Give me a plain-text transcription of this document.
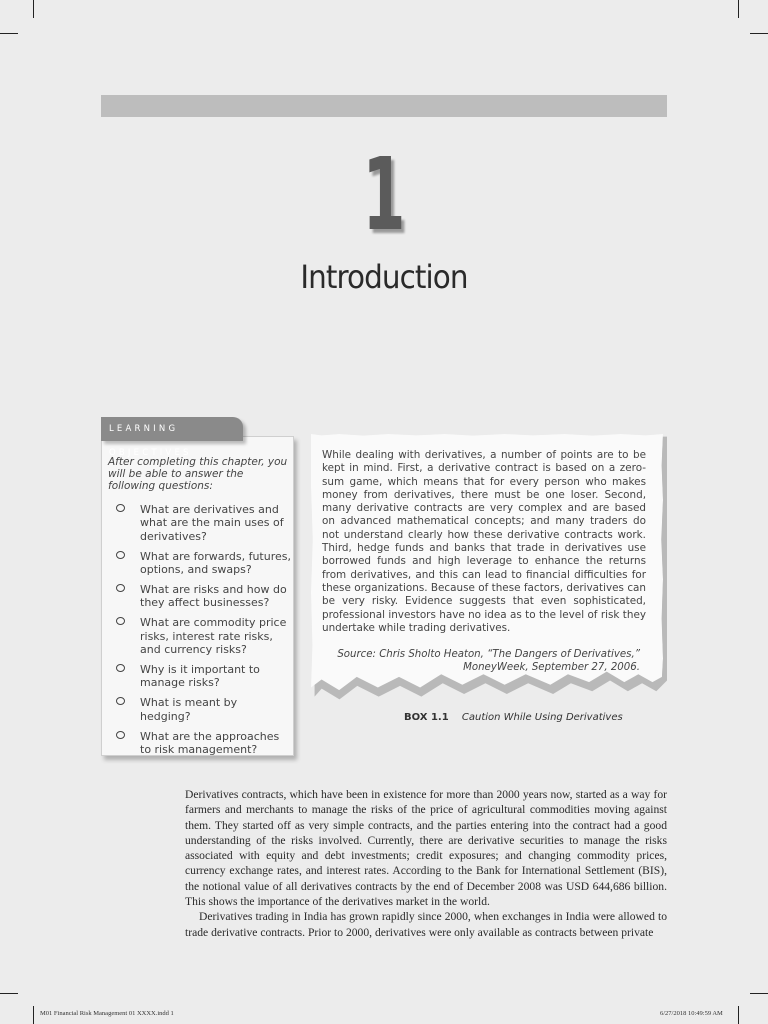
1
Introduction
LEARNING OBJECTIVES
After completing this chapter, you will be able to answer the following questions:
What are derivatives and what are the main uses of derivatives?
What are forwards, futures, options, and swaps?
What are risks and how do they affect businesses?
What are commodity price risks, interest rate risks, and currency risks?
Why is it important to manage risks?
What is meant by hedging?
What are the approaches to risk management?

While dealing with derivatives, a number of points are to be kept in mind. First, a derivative contract is based on a zero-sum game, which means that for every person who makes money from derivatives, there must be one loser. Second, many derivative contracts are very complex and are based on advanced mathematical concepts; and many traders do not understand clearly how these derivative contracts work. Third, hedge funds and banks that trade in derivatives use borrowed funds and high leverage to enhance the returns from derivatives, and this can lead to financial difficulties for these organizations. Because of these factors, derivatives can be very risky. Evidence suggests that even sophisticated, professional investors have no idea as to the level of risk they undertake while trading derivatives.

Source: Chris Sholto Heaton, “The Dangers of Derivatives,”
MoneyWeek, September 27, 2006.
BOX 1.1 Caution While Using Derivatives

Derivatives contracts, which have been in existence for more than 2000 years now, started as a way for farmers and merchants to manage the risks of the price of agricultural commodities moving against them. They started off as very simple contracts, and the parties entering into the contract had a good understanding of the risks involved. Currently, there are derivative securities to manage the risks associated with equity and debt investments; credit exposures; and changing commodity prices, currency exchange rates, and interest rates. According to the Bank for International Settlement (BIS), the notional value of all derivatives contracts by the end of December 2008 was USD 644,686 billion. This shows the importance of the derivatives market in the world.

Derivatives trading in India has grown rapidly since 2000, when exchanges in India were allowed to trade derivative contracts. Prior to 2000, derivatives were only available as contracts between private

M01 Financial Risk Management 01 XXXX.indd 1	6/27/2018 10:49:59 AM
